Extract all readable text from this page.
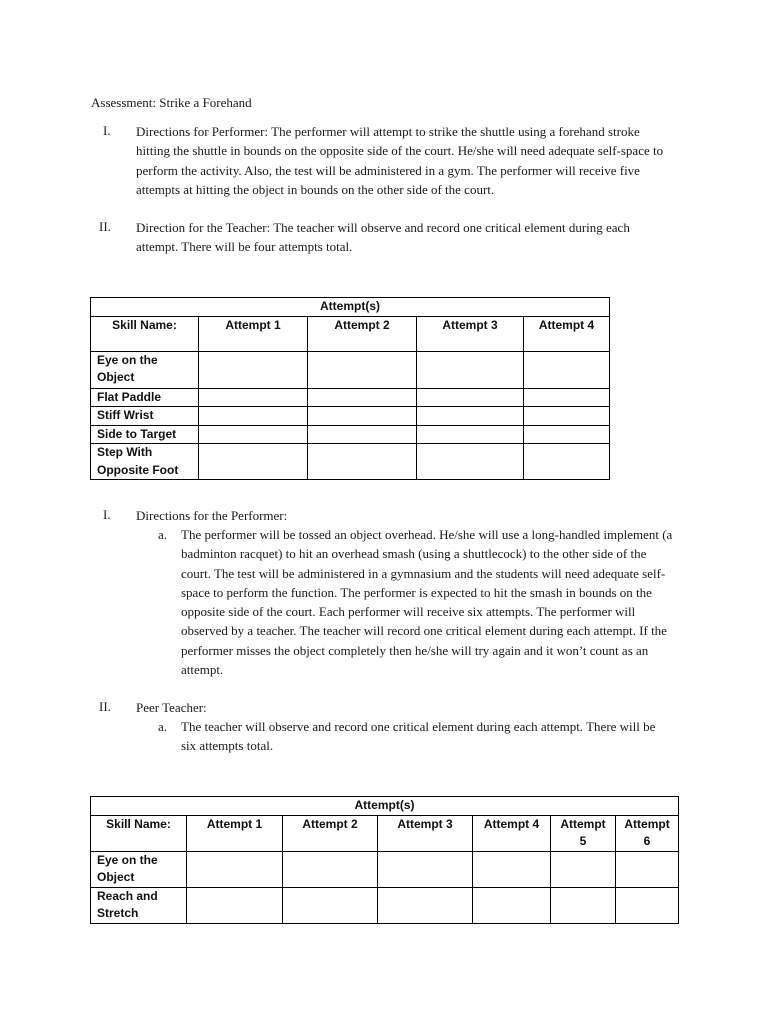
Assessment: Strike a Forehand
I.	Directions for Performer: The performer will attempt to strike the shuttle using a forehand stroke hitting the shuttle in bounds on the opposite side of the court. He/she will need adequate self-space to perform the activity. Also, the test will be administered in a gym. The performer will receive five attempts at hitting the object in bounds on the other side of the court.
II.	Direction for the Teacher: The teacher will observe and record one critical element during each attempt. There will be four attempts total.
Attempt(s)				
Skill Name:	Attempt 1	Attempt 2	Attempt 3	Attempt 4

Eye on the
Object				

Flat Paddle				
Stiff Wrist				
Side to Target				

Step With
Opposite Foot				

I.	Directions for the Performer:
a. The performer will be tossed an object overhead. He/she will use a long-handled implement (a badminton racquet) to hit an overhead smash (using a shuttlecock) to the other side of the court. The test will be administered in a gymnasium and the students will need adequate self-space to perform the function. The performer is expected to hit the smash in bounds on the opposite side of the court. Each performer will receive six attempts. The performer will observed by a teacher. The teacher will record one critical element during each attempt. If the performer misses the object completely then he/she will try again and it won’t count as an attempt.
II.	Peer Teacher:
a. The teacher will observe and record one critical element during each attempt. There will be six attempts total.
Attempt(s)						
Skill Name:	Attempt 1	Attempt 2	Attempt 3	Attempt 4	Attempt 5	Attempt 6

Eye on the
Object						

Reach and
Stretch						
